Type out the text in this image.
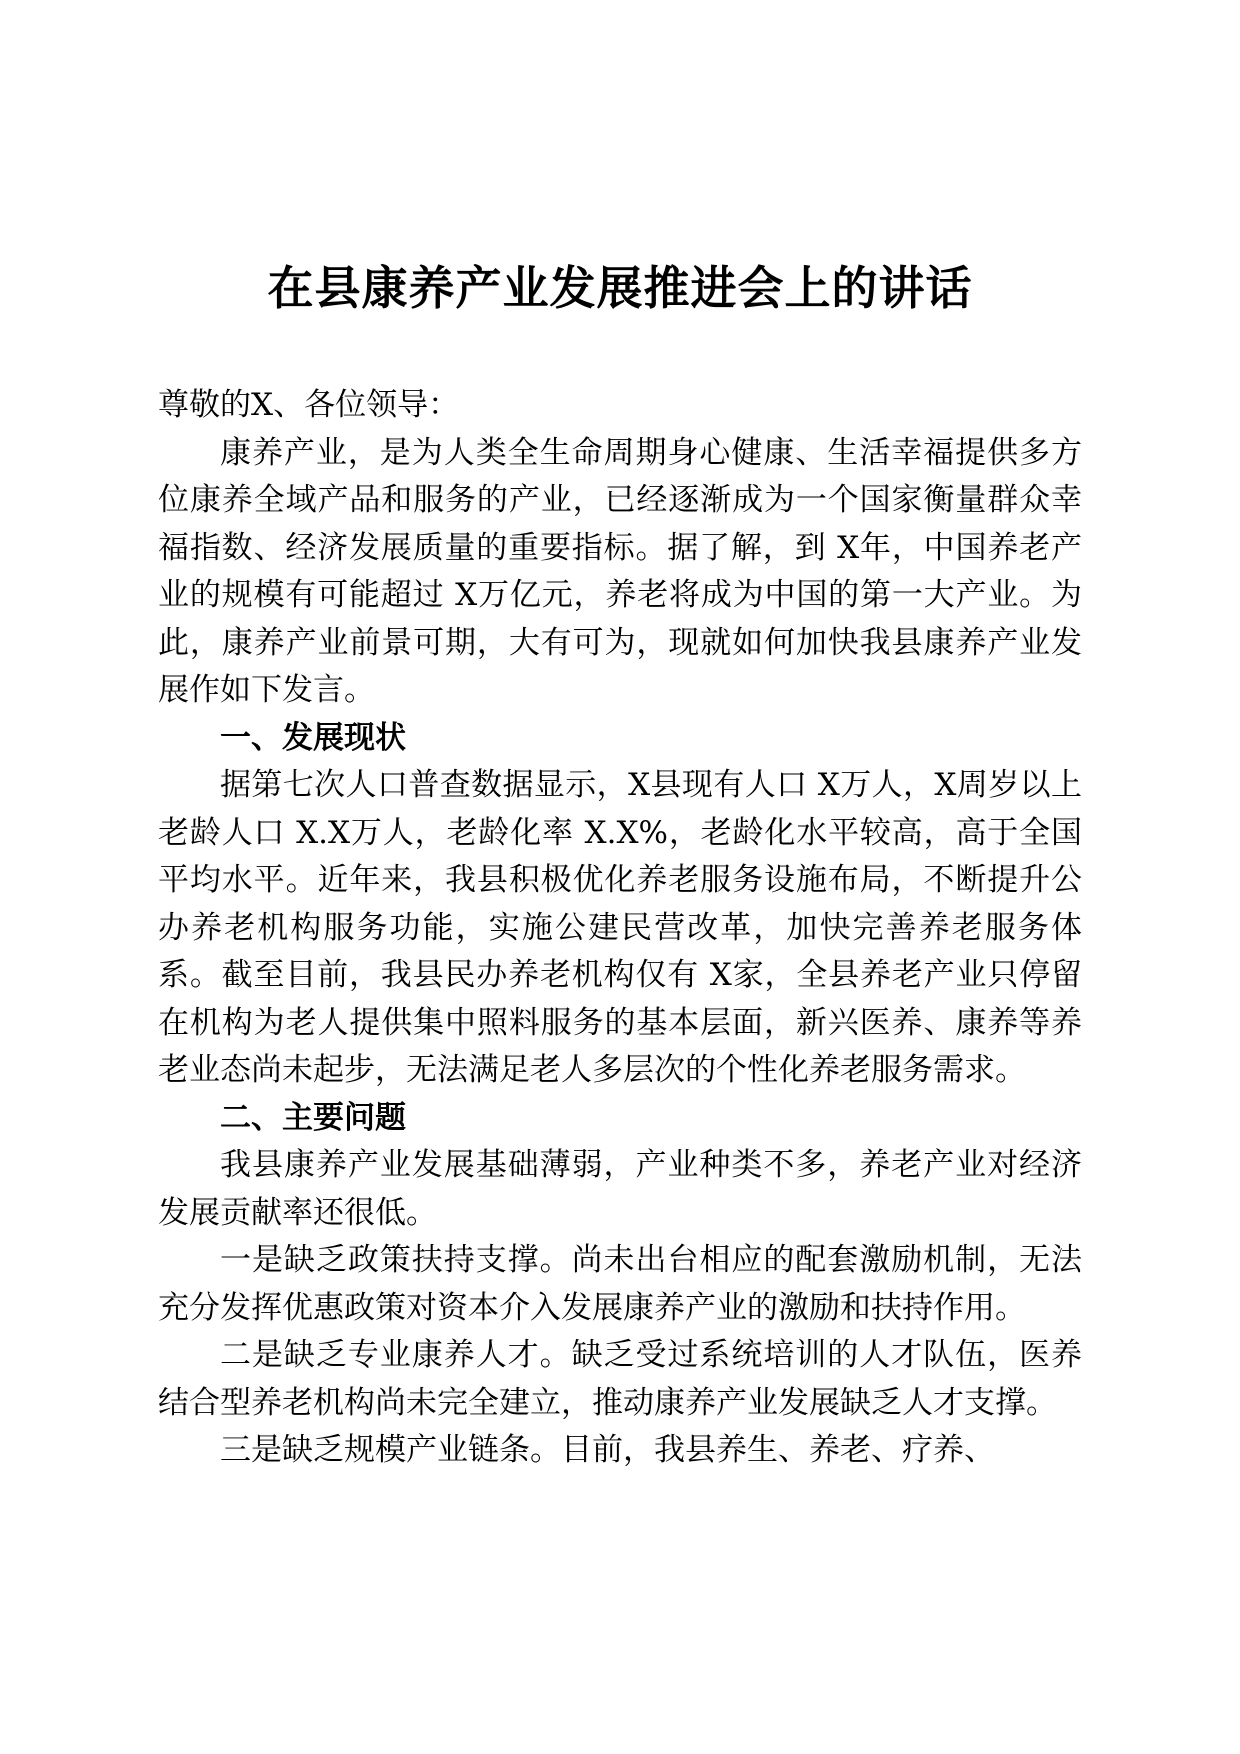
在县康养产业发展推进会上的讲话

尊敬的X、各位领导：

康养产业，是为人类全生命周期身心健康、生活幸福提供多方位康养全域产品和服务的产业，已经逐渐成为一个国家衡量群众幸福指数、经济发展质量的重要指标。据了解，到 X年，中国养老产业的规模有可能超过 X万亿元，养老将成为中国的第一大产业。为此，康养产业前景可期，大有可为，现就如何加快我县康养产业发展作如下发言。

一、发展现状

据第七次人口普查数据显示，X县现有人口 X万人，X周岁以上老龄人口 X.X万人，老龄化率 X.X%，老龄化水平较高，高于全国平均水平。近年来，我县积极优化养老服务设施布局，不断提升公办养老机构服务功能，实施公建民营改革，加快完善养老服务体系。截至目前，我县民办养老机构仅有 X家，全县养老产业只停留在机构为老人提供集中照料服务的基本层面，新兴医养、康养等养老业态尚未起步，无法满足老人多层次的个性化养老服务需求。

二、主要问题

我县康养产业发展基础薄弱，产业种类不多，养老产业对经济发展贡献率还很低。

一是缺乏政策扶持支撑。尚未出台相应的配套激励机制，无法充分发挥优惠政策对资本介入发展康养产业的激励和扶持作用。

二是缺乏专业康养人才。缺乏受过系统培训的人才队伍，医养结合型养老机构尚未完全建立，推动康养产业发展缺乏人才支撑。

三是缺乏规模产业链条。目前，我县养生、养老、疗养、
